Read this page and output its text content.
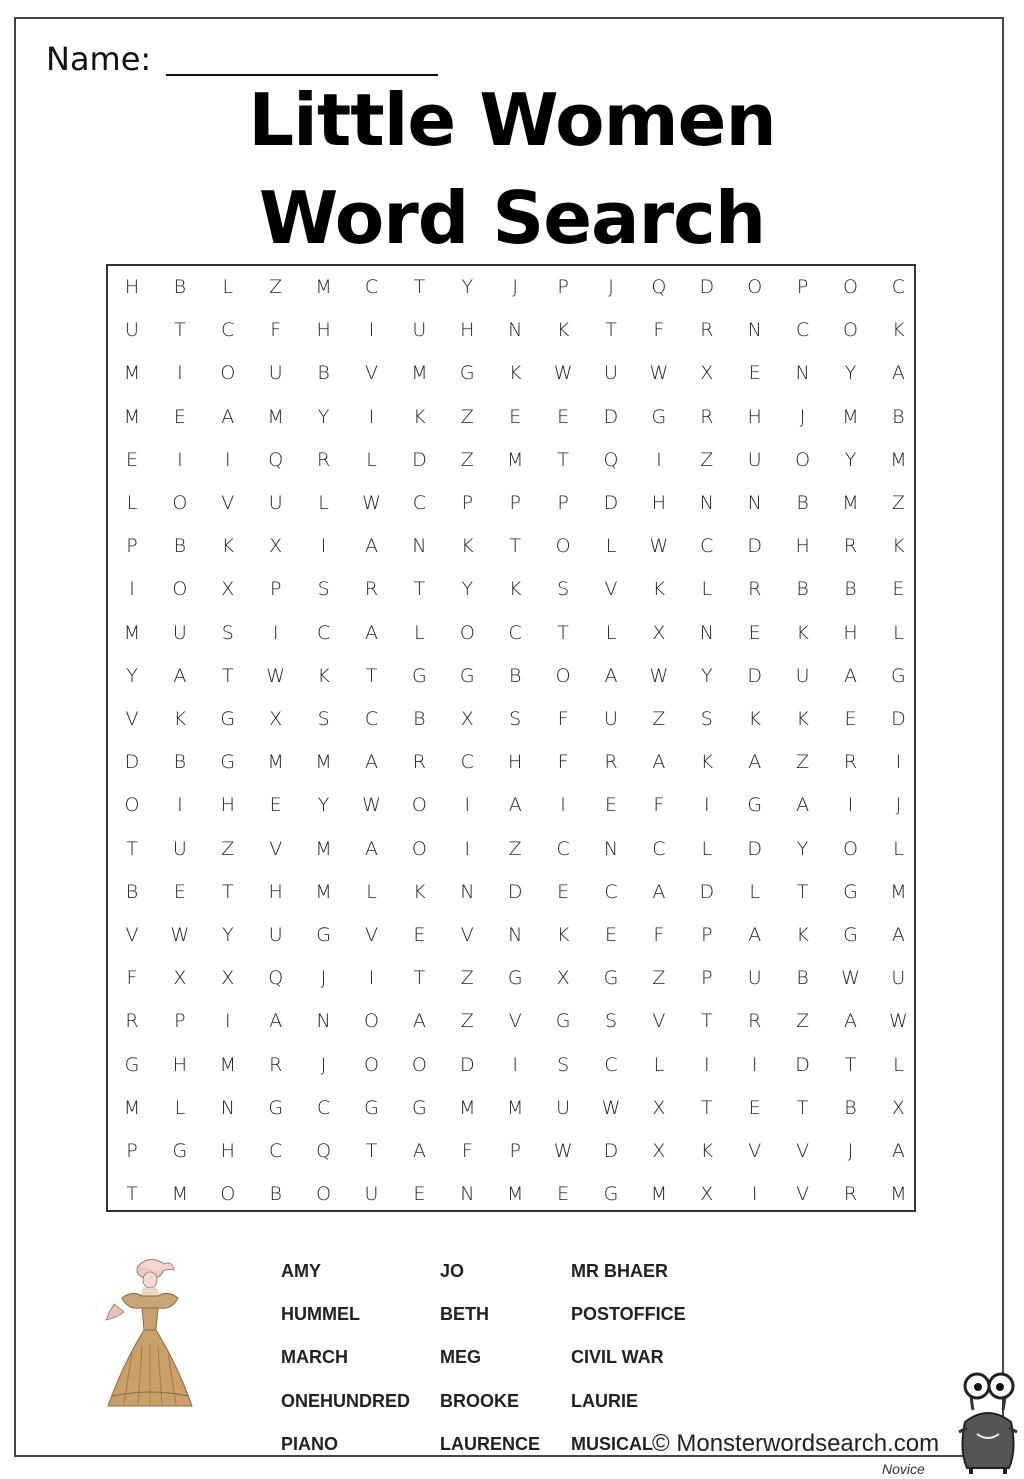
Name:
Little Women
Word Search
H	B	L	Z	M	C	T	Y	J	P	J	Q	D	O	P	O	C
U	T	C	F	H	I	U	H	N	K	T	F	R	N	C	O	K
M	I	O	U	B	V	M	G	K	W	U	W	X	E	N	Y	A
M	E	A	M	Y	I	K	Z	E	E	D	G	R	H	J	M	B
E	I	I	Q	R	L	D	Z	M	T	Q	I	Z	U	O	Y	M
L	O	V	U	L	W	C	P	P	P	D	H	N	N	B	M	Z
P	B	K	X	I	A	N	K	T	O	L	W	C	D	H	R	K
I	O	X	P	S	R	T	Y	K	S	V	K	L	R	B	B	E
M	U	S	I	C	A	L	O	C	T	L	X	N	E	K	H	L
Y	A	T	W	K	T	G	G	B	O	A	W	Y	D	U	A	G
V	K	G	X	S	C	B	X	S	F	U	Z	S	K	K	E	D
D	B	G	M	M	A	R	C	H	F	R	A	K	A	Z	R	I
O	I	H	E	Y	W	O	I	A	I	E	F	I	G	A	I	J
T	U	Z	V	M	A	O	I	Z	C	N	C	L	D	Y	O	L
B	E	T	H	M	L	K	N	D	E	C	A	D	L	T	G	M
V	W	Y	U	G	V	E	V	N	K	E	F	P	A	K	G	A
F	X	X	Q	J	I	T	Z	G	X	G	Z	P	U	B	W	U
R	P	I	A	N	O	A	Z	V	G	S	V	T	R	Z	A	W
G	H	M	R	J	O	O	D	I	S	C	L	I	I	D	T	L
M	L	N	G	C	G	G	M	M	U	W	X	T	E	T	B	X
P	G	H	C	Q	T	A	F	P	W	D	X	K	V	V	J	A
T	M	O	B	O	U	E	N	M	E	G	M	X	I	V	R	M
AMY
HUMMEL
MARCH
ONEHUNDRED
PIANO
JO
BETH
MEG
BROOKE
LAURENCE
MR BHAER
POSTOFFICE
CIVIL WAR
LAURIE
MUSICAL © Monsterwordsearch.com
Novice
